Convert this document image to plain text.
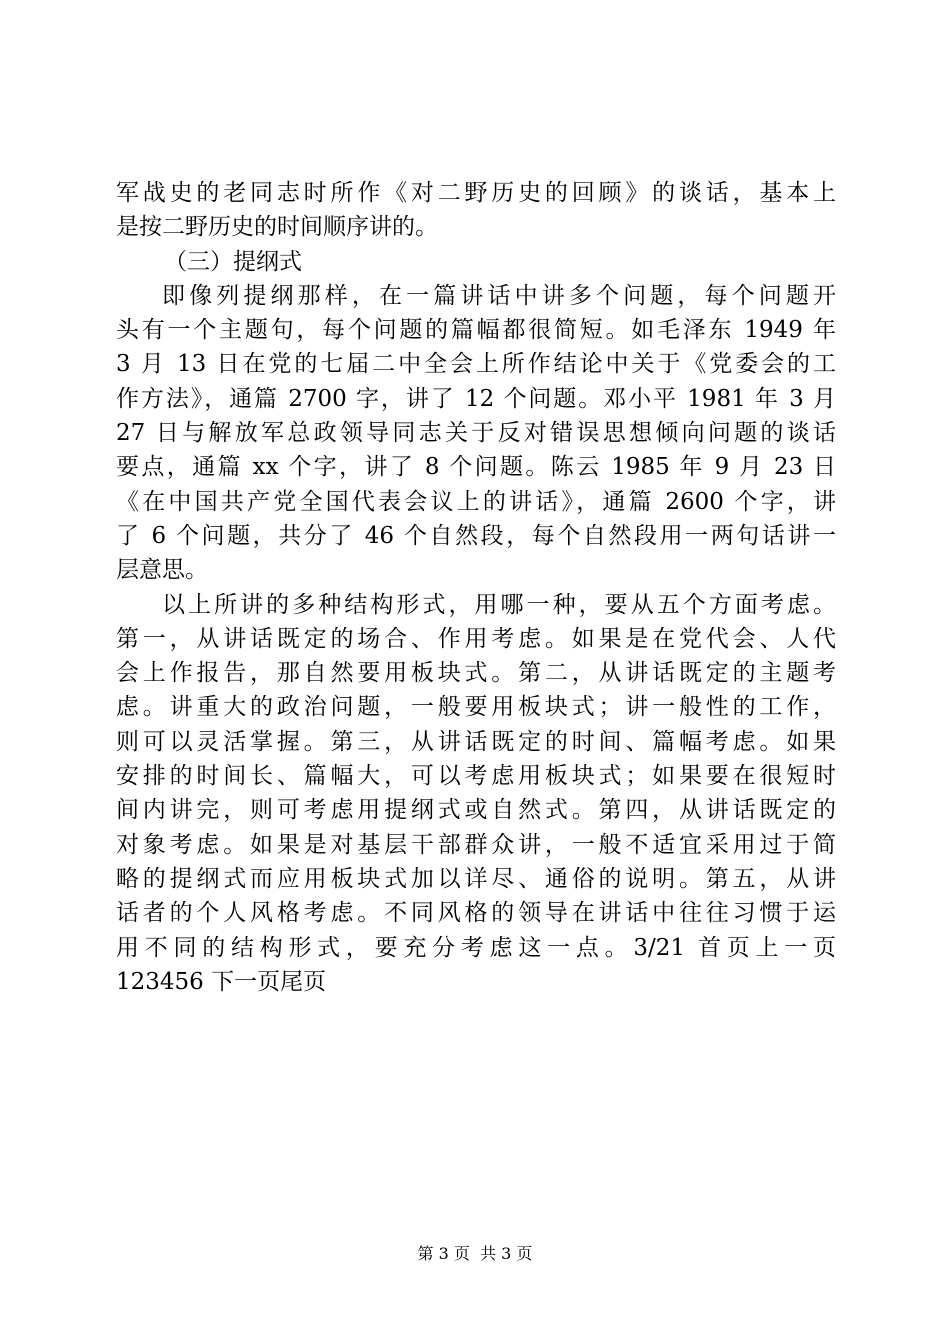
军战史的老同志时所作《对二野历史的回顾》的谈话，基本上
是按二野历史的时间顺序讲的。
（三）提纲式
即像列提纲那样，在一篇讲话中讲多个问题，每个问题开
头有一个主题句，每个问题的篇幅都很简短。如毛泽东 1949 年
3 月 13 日在党的七届二中全会上所作结论中关于《党委会的工
作方法》，通篇 2700 字，讲了 12 个问题。邓小平 1981 年 3 月
27 日与解放军总政领导同志关于反对错误思想倾向问题的谈话
要点，通篇 xx 个字，讲了 8 个问题。陈云 1985 年 9 月 23 日
《在中国共产党全国代表会议上的讲话》，通篇 2600 个字，讲
了 6 个问题，共分了 46 个自然段，每个自然段用一两句话讲一
层意思。
以上所讲的多种结构形式，用哪一种，要从五个方面考虑。
第一，从讲话既定的场合、作用考虑。如果是在党代会、人代
会上作报告，那自然要用板块式。第二，从讲话既定的主题考
虑。讲重大的政治问题，一般要用板块式；讲一般性的工作，
则可以灵活掌握。第三，从讲话既定的时间、篇幅考虑。如果
安排的时间长、篇幅大，可以考虑用板块式；如果要在很短时
间内讲完，则可考虑用提纲式或自然式。第四，从讲话既定的
对象考虑。如果是对基层干部群众讲，一般不适宜采用过于简
略的提纲式而应用板块式加以详尽、通俗的说明。第五，从讲
话者的个人风格考虑。不同风格的领导在讲话中往往习惯于运
用不同的结构形式，要充分考虑这一点。3/21 首页上一页
123456 下一页尾页
第 3 页  共 3 页
